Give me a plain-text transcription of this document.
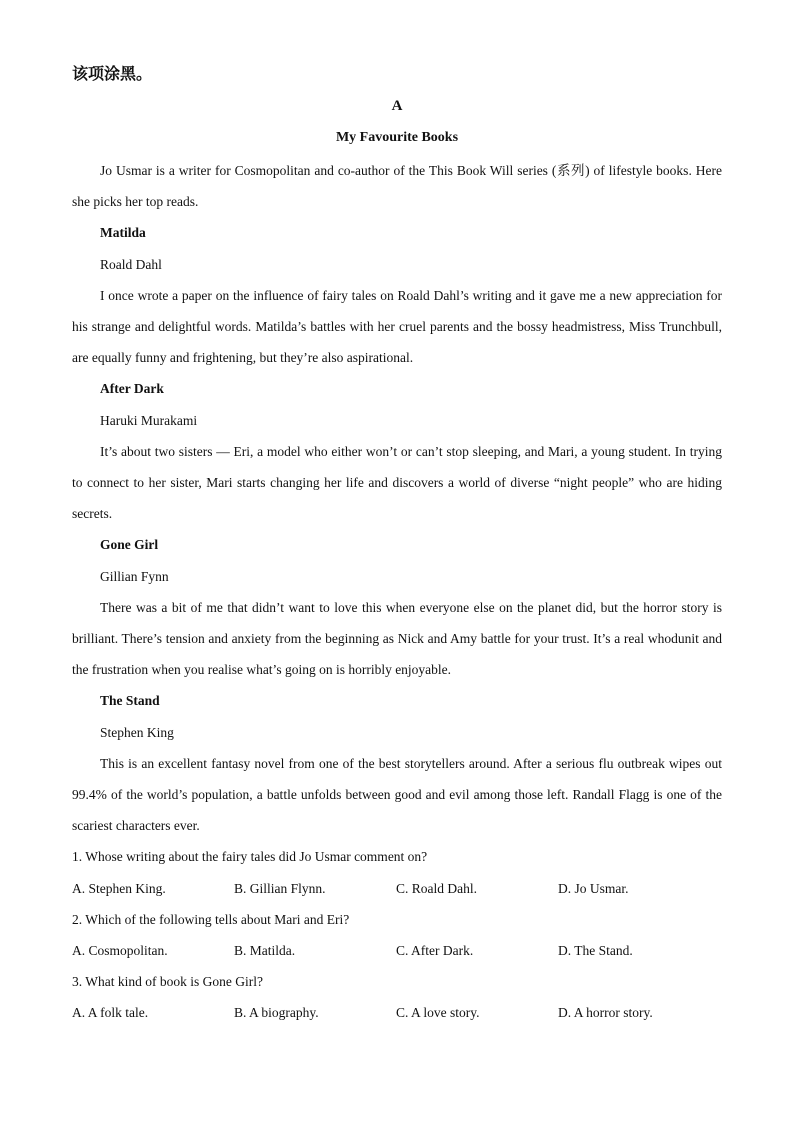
该项涂黑。
A
My Favourite Books

Jo Usmar is a writer for Cosmopolitan and co-author of the This Book Will series (系列) of lifestyle books. Here she picks her top reads.

Matilda

Roald Dahl

I once wrote a paper on the influence of fairy tales on Roald Dahl’s writing and it gave me a new appreciation for his strange and delightful words. Matilda’s battles with her cruel parents and the bossy headmistress, Miss Trunchbull, are equally funny and frightening, but they’re also aspirational.

After Dark

Haruki Murakami

It’s about two sisters — Eri, a model who either won’t or can’t stop sleeping, and Mari, a young student. In trying to connect to her sister, Mari starts changing her life and discovers a world of diverse “night people” who are hiding secrets.

Gone Girl

Gillian Fynn

There was a bit of me that didn’t want to love this when everyone else on the planet did, but the horror story is brilliant. There’s tension and anxiety from the beginning as Nick and Amy battle for your trust. It’s a real whodunit and the frustration when you realise what’s going on is horribly enjoyable.

The Stand

Stephen King

This is an excellent fantasy novel from one of the best storytellers around. After a serious flu outbreak wipes out 99.4% of the world’s population, a battle unfolds between good and evil among those left. Randall Flagg is one of the scariest characters ever.

1. Whose writing about the fairy tales did Jo Usmar comment on?

A. Stephen King.	B. Gillian Flynn.	C. Roald Dahl.	D. Jo Usmar.

2. Which of the following tells about Mari and Eri?

A. Cosmopolitan.	B. Matilda.	C. After Dark.	D. The Stand.

3. What kind of book is Gone Girl?

A. A folk tale.	B. A biography.	C. A love story.	D. A horror story.
